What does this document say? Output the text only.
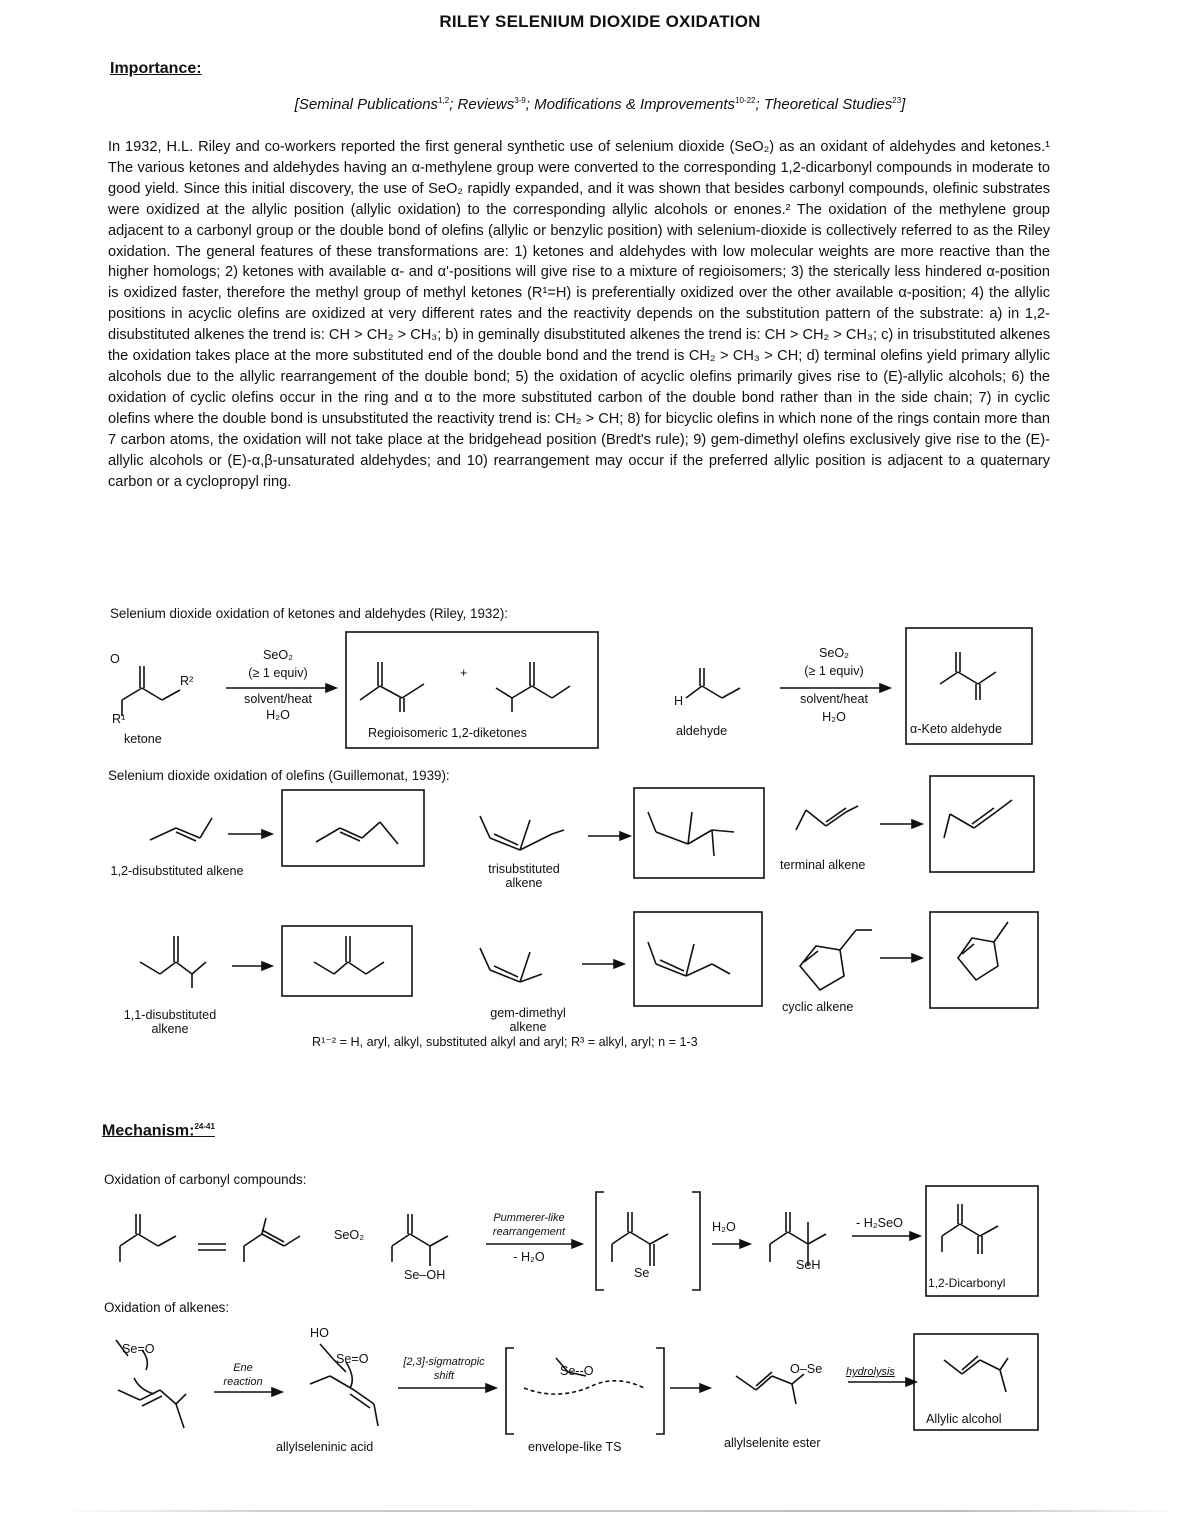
RILEY SELENIUM DIOXIDE OXIDATION
Importance:
[Seminal Publications$^{1,2}$; Reviews$^{3-9}$; Modifications & Improvements$^{10-22}$; Theoretical Studies$^{23}$]
In 1932, H.L. Riley and co-workers reported the first general synthetic use of selenium dioxide (SeO₂) as an oxidant of aldehydes and ketones.¹ The various ketones and aldehydes having an α-methylene group were converted to the corresponding 1,2-dicarbonyl compounds in moderate to good yield. Since this initial discovery, the use of SeO₂ rapidly expanded, and it was shown that besides carbonyl compounds, olefinic substrates were oxidized at the allylic position (allylic oxidation) to the corresponding allylic alcohols or enones.² The oxidation of the methylene group adjacent to a carbonyl group or the double bond of olefins (allylic or benzylic position) with selenium-dioxide is collectively referred to as the Riley oxidation. The general features of these transformations are: 1) ketones and aldehydes with low molecular weights are more reactive than the higher homologs; 2) ketones with available α- and α'-positions will give rise to a mixture of regioisomers; 3) the sterically less hindered α-position is oxidized faster, therefore the methyl group of methyl ketones (R¹=H) is preferentially oxidized over the other available α-position; 4) the allylic positions in acyclic olefins are oxidized at very different rates and the reactivity depends on the substitution pattern of the substrate: a) in 1,2-disubstituted alkenes the trend is: CH > CH₂ > CH₃; b) in geminally disubstituted alkenes the trend is: CH > CH₂ > CH₃; c) in trisubstituted alkenes the oxidation takes place at the more substituted end of the double bond and the trend is CH₂ > CH₃ > CH; d) terminal olefins yield primary allylic alcohols due to the allylic rearrangement of the double bond; 5) the oxidation of acyclic olefins primarily gives rise to (E)-allylic alcohols; 6) the oxidation of cyclic olefins occur in the ring and α to the more substituted carbon of the double bond rather than in the side chain; 7) in cyclic olefins where the double bond is unsubstituted the reactivity trend is: CH₂ > CH; 8) for bicyclic olefins in which none of the rings contain more than 7 carbon atoms, the oxidation will not take place at the bridgehead position (Bredt's rule); 9) gem-dimethyl olefins exclusively give rise to the (E)-allylic alcohols or (E)-α,β-unsaturated aldehydes; and 10) rearrangement may occur if the preferred allylic position is adjacent to a quaternary carbon or a cyclopropyl ring.
Selenium dioxide oxidation of ketones and aldehydes (Riley, 1932):
O
R²
R¹
ketone
SeO₂
(≥ 1 equiv)
solvent/heat
H₂O
Regioisomeric 1,2-diketones
+
aldehyde
H
SeO₂
(≥ 1 equiv)
solvent/heat
H₂O
α-Keto aldehyde
Selenium dioxide oxidation of olefins (Guillemonat, 1939):
1,2-disubstituted alkene	trisubstituted alkene
terminal alkene
1,1-disubstituted alkene
gem-dimethyl alkene
cyclic alkene
R¹⁻² = H, aryl, alkyl, substituted alkyl and aryl; R³ = alkyl, aryl; n = 1-3
Mechanism:$^{24-41}$
Oxidation of carbonyl compounds:
Pummerer-like
rearrangement
- H₂O
H₂O	- H₂SeO
1,2-Dicarbonyl
SeO₂
Se–OH
SeH
Se
Oxidation of alkenes:
Se=O
Ene
reaction
Se=O
HO
[2,3]-sigmatropic
shift
allylseleninic acid	envelope-like TS
Se--O
allylselenite ester
O–Se hydrolysis
Allylic alcohol
